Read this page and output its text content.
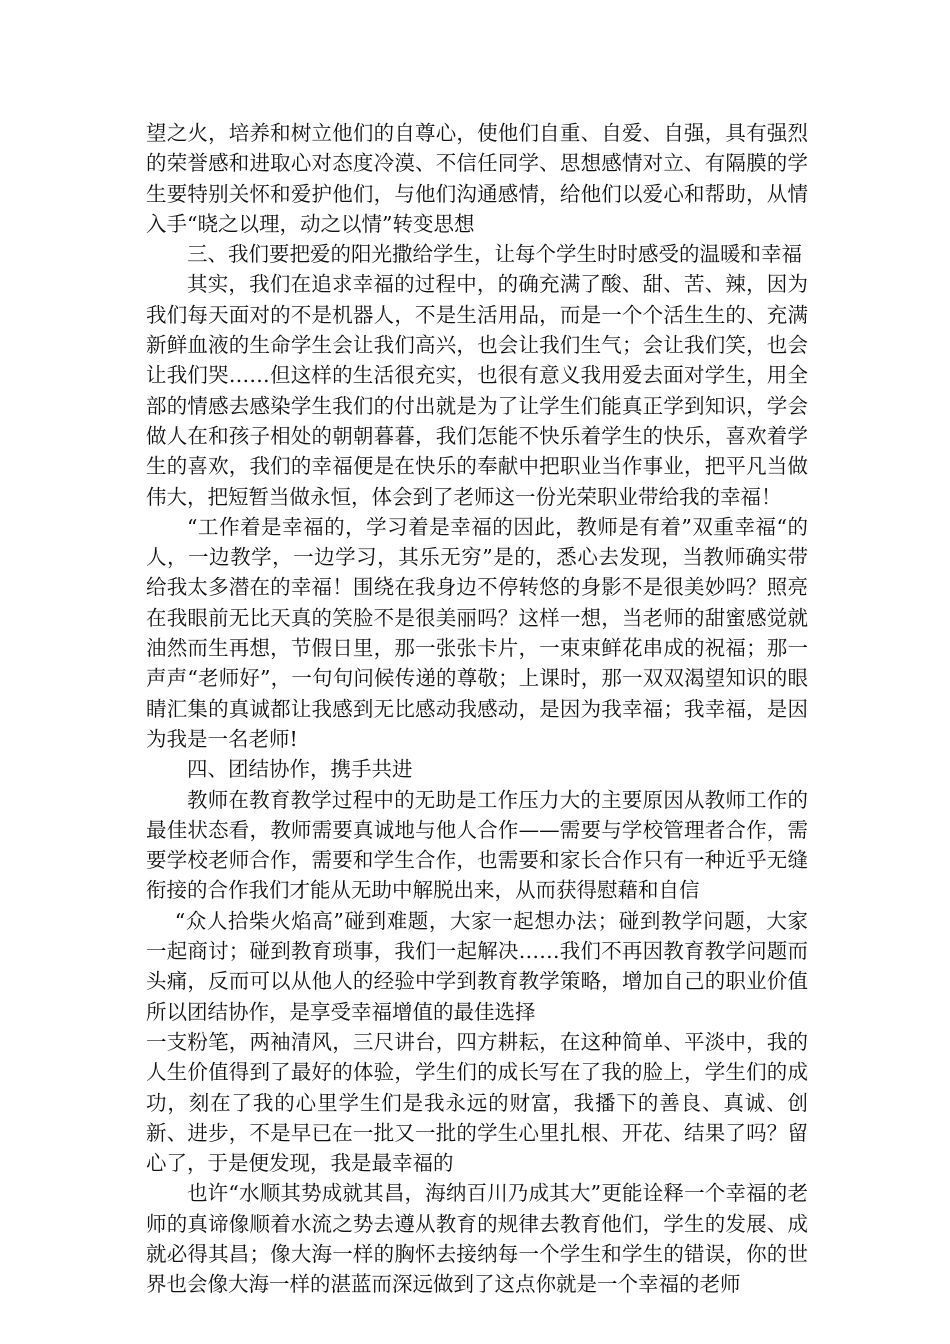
望之火，培养和树立他们的自尊心，使他们自重、自爱、自强，具有强烈的荣誉感和进取心对态度冷漠、不信任同学、思想感情对立、有隔膜的学生要特别关怀和爱护他们，与他们沟通感情，给他们以爱心和帮助，从情入手“晓之以理，动之以情”转变思想

三、我们要把爱的阳光撒给学生，让每个学生时时感受的温暖和幸福

其实，我们在追求幸福的过程中，的确充满了酸、甜、苦、辣，因为我们每天面对的不是机器人，不是生活用品，而是一个个活生生的、充满新鲜血液的生命学生会让我们高兴，也会让我们生气；会让我们笑，也会让我们哭……但这样的生活很充实，也很有意义我用爱去面对学生，用全部的情感去感染学生我们的付出就是为了让学生们能真正学到知识，学会做人在和孩子相处的朝朝暮暮，我们怎能不快乐着学生的快乐，喜欢着学生的喜欢，我们的幸福便是在快乐的奉献中把职业当作事业，把平凡当做伟大，把短暂当做永恒，体会到了老师这一份光荣职业带给我的幸福！

“工作着是幸福的，学习着是幸福的因此，教师是有着”双重幸福“的人，一边教学，一边学习，其乐无穷”是的，悉心去发现，当教师确实带给我太多潜在的幸福！围绕在我身边不停转悠的身影不是很美妙吗？照亮在我眼前无比天真的笑脸不是很美丽吗？这样一想，当老师的甜蜜感觉就油然而生再想，节假日里，那一张张卡片，一束束鲜花串成的祝福；那一声声“老师好”，一句句问候传递的尊敬；上课时，那一双双渴望知识的眼睛汇集的真诚都让我感到无比感动我感动，是因为我幸福；我幸福，是因为我是一名老师!

四、团结协作，携手共进

教师在教育教学过程中的无助是工作压力大的主要原因从教师工作的最佳状态看，教师需要真诚地与他人合作——需要与学校管理者合作，需要学校老师合作，需要和学生合作，也需要和家长合作只有一种近乎无缝衔接的合作我们才能从无助中解脱出来，从而获得慰藉和自信

“众人拾柴火焰高”碰到难题，大家一起想办法；碰到教学问题，大家一起商讨；碰到教育琐事，我们一起解决……我们不再因教育教学问题而头痛，反而可以从他人的经验中学到教育教学策略，增加自己的职业价值所以团结协作，是享受幸福增值的最佳选择

一支粉笔，两袖清风，三尺讲台，四方耕耘，在这种简单、平淡中，我的人生价值得到了最好的体验，学生们的成长写在了我的脸上，学生们的成功，刻在了我的心里学生们是我永远的财富，我播下的善良、真诚、创新、进步，不是早已在一批又一批的学生心里扎根、开花、结果了吗？留心了，于是便发现，我是最幸福的

也许“水顺其势成就其昌，海纳百川乃成其大”更能诠释一个幸福的老师的真谛像顺着水流之势去遵从教育的规律去教育他们，学生的发展、成就必得其昌；像大海一样的胸怀去接纳每一个学生和学生的错误，你的世界也会像大海一样的湛蓝而深远做到了这点你就是一个幸福的老师
